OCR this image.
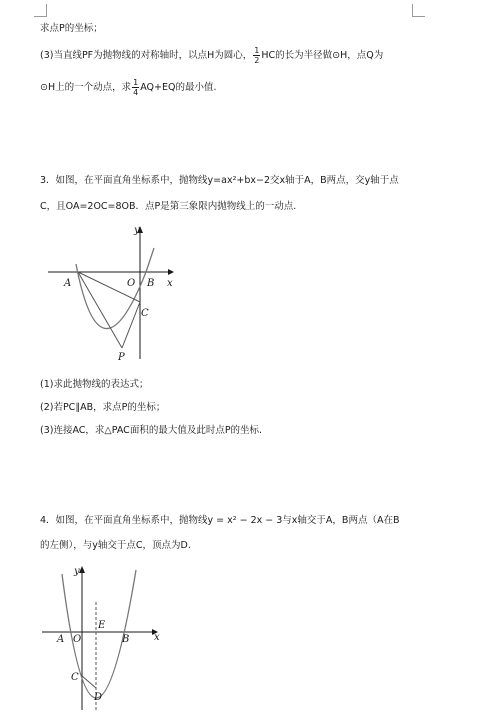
求点P的坐标；
(3)当直线PF为抛物线的对称轴时，以点H为圆心， $\frac{1}{2}$ HC的长为半径做⊙H，点Q为
⊙H上的一个动点，求 $\frac{1}{4} AQ+EQ$的最小值.
3．如图，在平面直角坐标系中，抛物线y=ax²+bx−2交x轴于A，B两点，交y轴于点
C，且OA=2OC=8OB．点P是第三象限内抛物线上的一动点.
y
x
A	O B
C
P
(1)求此抛物线的表达式；
(2)若PC∥AB，求点P的坐标；
(3)连接AC，求△PAC面积的最大值及此时点P的坐标.
4．如图，在平面直角坐标系中，抛物线y = x² − 2x − 3与x轴交于A，B两点（A在B
的左侧），与y轴交于点C，顶点为D.
y
x
A O
E
B
C
D
